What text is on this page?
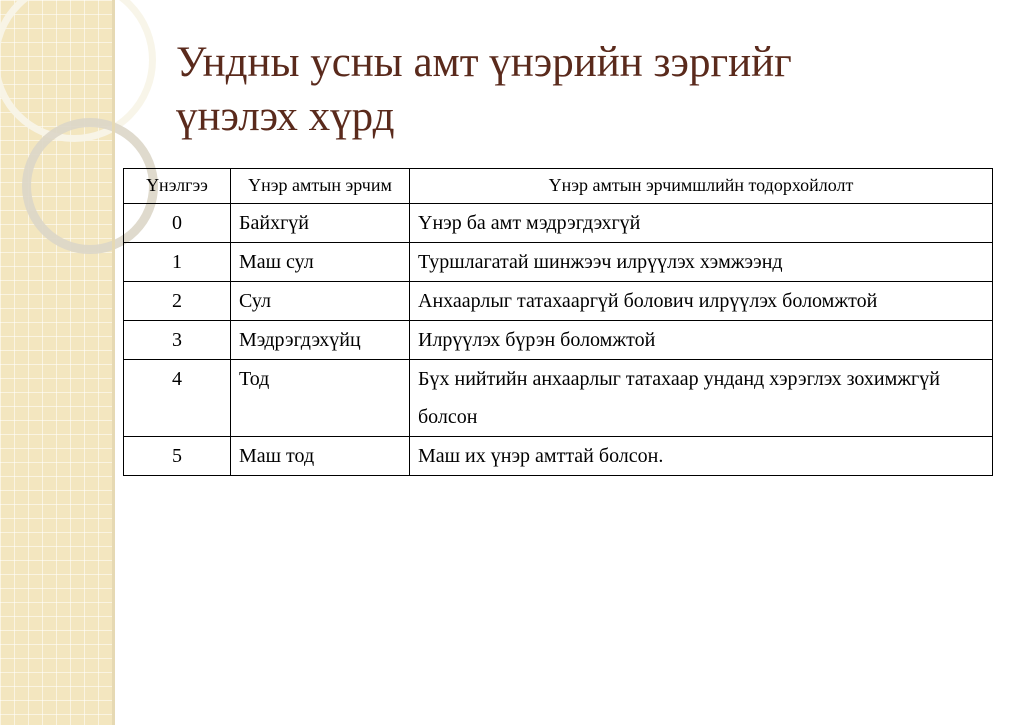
Ундны усны амт үнэрийн зэргийг
үнэлэх хүрд
Үнэлгээ	Үнэр амтын эрчим	Үнэр амтын эрчимшлийн тодорхойлолт
0	Байхгүй	Үнэр ба амт мэдрэгдэхгүй
1	Маш сул	Туршлагатай шинжээч илрүүлэх хэмжээнд
2	Сул	Анхаарлыг татахааргүй болович илрүүлэх боломжтой
3	Мэдрэгдэхүйц	Илрүүлэх бүрэн боломжтой
4	Тод	Бүх нийтийн анхаарлыг татахаар унданд хэрэглэх зохимжгүй болсон
5	Маш тод	Маш их үнэр амттай болсон.
